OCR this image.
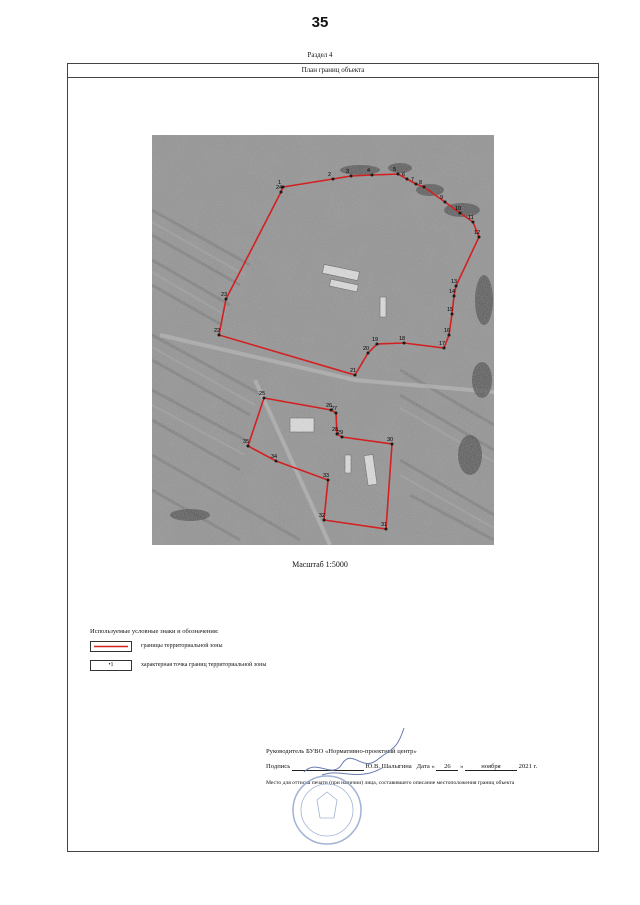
35
Раздел 4
План границ объекта
1
2	3	4	5
6
7 8
9
10
11
12
13
14
15
16
17
18
19
20
21
22
23
24
25
26
27
28
29
30
31
32
33
34
35
Масштаб 1:5000
Используемые условные знаки и обозначения:
границы территориальной зоны
•1	характерная точка границ территориальной зоны
Руководитель БУВО «Нормативно-проектный центр»
Подпись	Ю.В. Шалыгина Дата « 26 »	ноября	2021 г.
Место для оттиска печати (при наличии) лица, составившего описание местоположения границ объекта
